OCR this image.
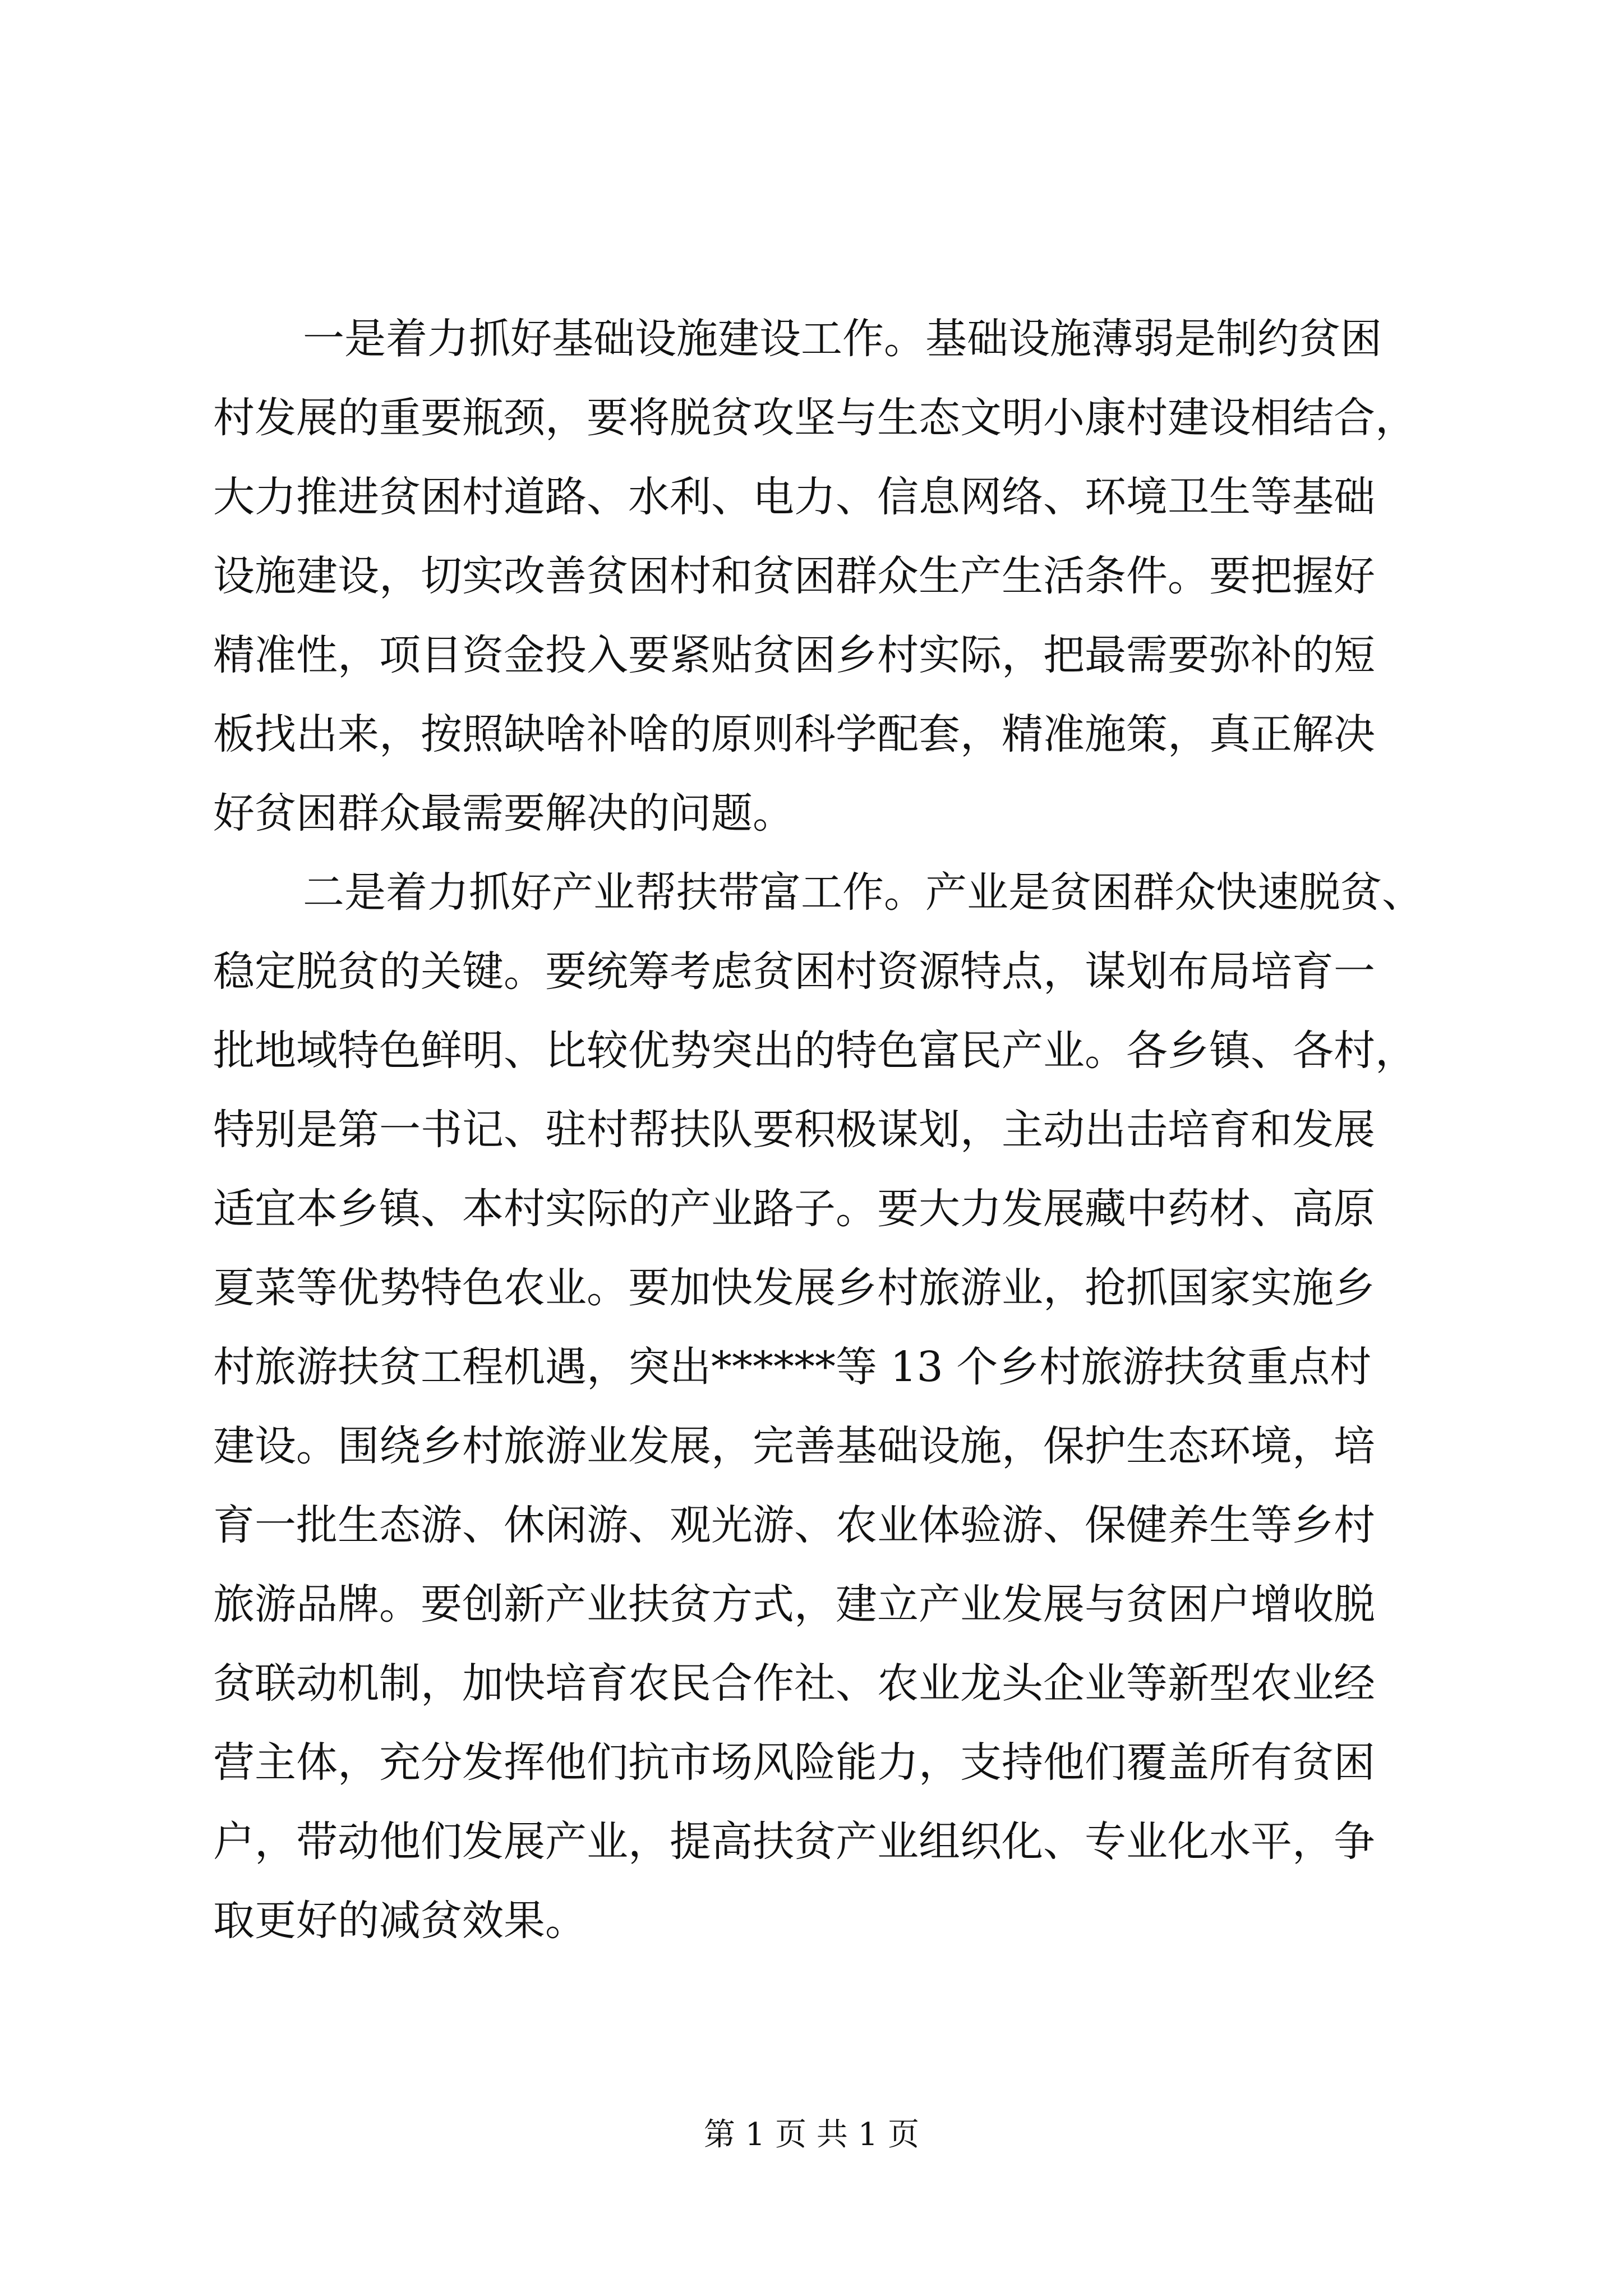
一是着力抓好基础设施建设工作。基础设施薄弱是制约贫困

村发展的重要瓶颈，要将脱贫攻坚与生态文明小康村建设相结合，

大力推进贫困村道路、水利、电力、信息网络、环境卫生等基础

设施建设，切实改善贫困村和贫困群众生产生活条件。要把握好

精准性，项目资金投入要紧贴贫困乡村实际，把最需要弥补的短

板找出来，按照缺啥补啥的原则科学配套，精准施策，真正解决

好贫困群众最需要解决的问题。

二是着力抓好产业帮扶带富工作。产业是贫困群众快速脱贫、

稳定脱贫的关键。要统筹考虑贫困村资源特点，谋划布局培育一

批地域特色鲜明、比较优势突出的特色富民产业。各乡镇、各村，

特别是第一书记、驻村帮扶队要积极谋划，主动出击培育和发展

适宜本乡镇、本村实际的产业路子。要大力发展藏中药材、高原

夏菜等优势特色农业。要加快发展乡村旅游业，抢抓国家实施乡

村旅游扶贫工程机遇，突出******等 13 个乡村旅游扶贫重点村

建设。围绕乡村旅游业发展，完善基础设施，保护生态环境，培

育一批生态游、休闲游、观光游、农业体验游、保健养生等乡村

旅游品牌。要创新产业扶贫方式，建立产业发展与贫困户增收脱

贫联动机制，加快培育农民合作社、农业龙头企业等新型农业经

营主体，充分发挥他们抗市场风险能力，支持他们覆盖所有贫困

户，带动他们发展产业，提高扶贫产业组织化、专业化水平，争

取更好的减贫效果。

第 1 页 共 1 页
